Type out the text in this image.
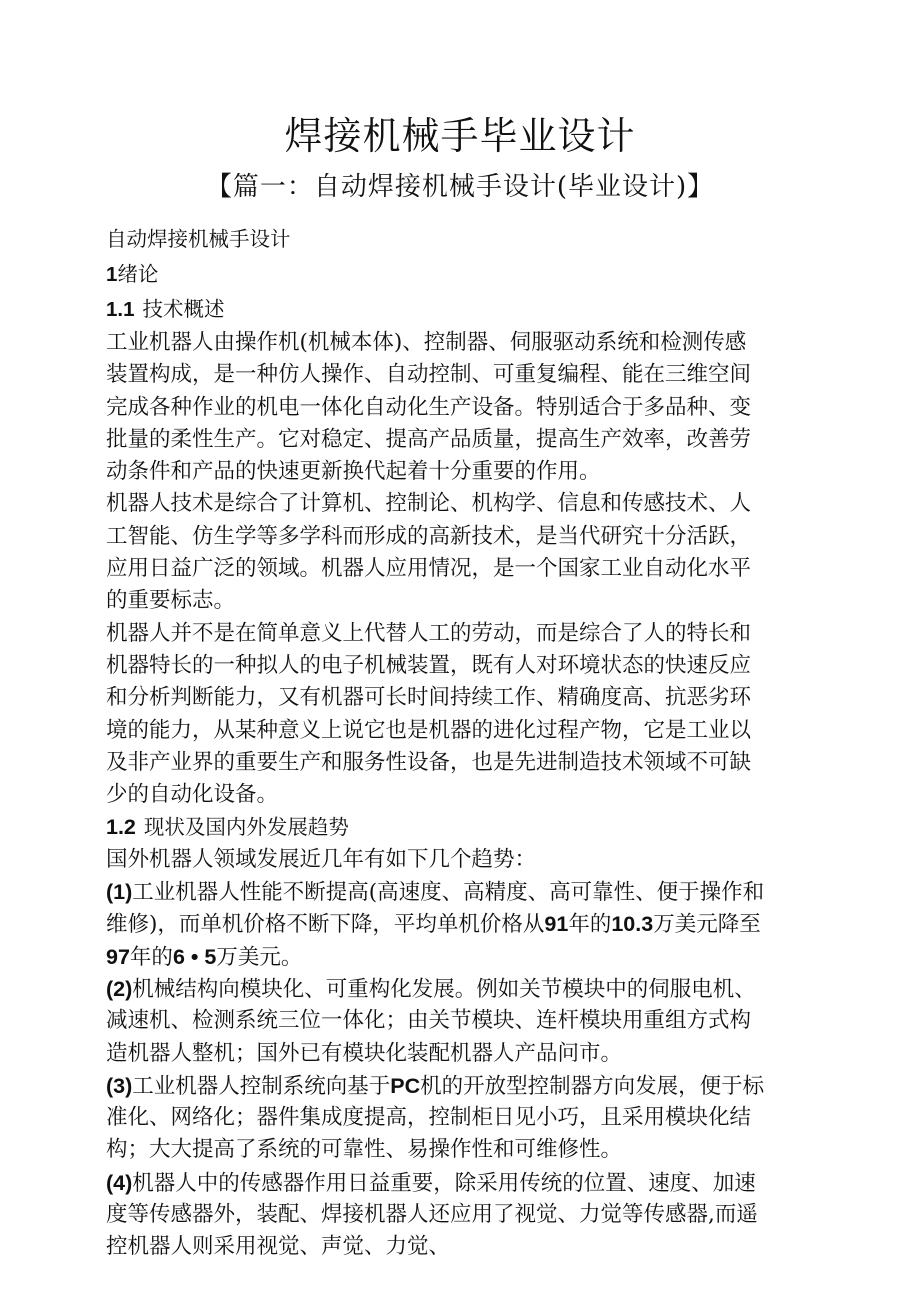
焊接机械手毕业设计
【篇一：自动焊接机械手设计(毕业设计)】
自动焊接机械手设计
1绪论
1.1 技术概述
工业机器人由操作机(机械本体)、控制器、伺服驱动系统和检测传感
装置构成，是一种仿人操作、自动控制、可重复编程、能在三维空间
完成各种作业的机电一体化自动化生产设备。特别适合于多品种、变
批量的柔性生产。它对稳定、提高产品质量，提高生产效率，改善劳
动条件和产品的快速更新换代起着十分重要的作用。
机器人技术是综合了计算机、控制论、机构学、信息和传感技术、人
工智能、仿生学等多学科而形成的高新技术，是当代研究十分活跃，
应用日益广泛的领域。机器人应用情况，是一个国家工业自动化水平
的重要标志。
机器人并不是在简单意义上代替人工的劳动，而是综合了人的特长和
机器特长的一种拟人的电子机械装置，既有人对环境状态的快速反应
和分析判断能力，又有机器可长时间持续工作、精确度高、抗恶劣环
境的能力，从某种意义上说它也是机器的进化过程产物，它是工业以
及非产业界的重要生产和服务性设备，也是先进制造技术领域不可缺
少的自动化设备。
1.2 现状及国内外发展趋势
国外机器人领域发展近几年有如下几个趋势：
(1)工业机器人性能不断提高(高速度、高精度、高可靠性、便于操作和
维修)，而单机价格不断下降，平均单机价格从91年的10.3万美元降至
97年的6 • 5万美元。
(2)机械结构向模块化、可重构化发展。例如关节模块中的伺服电机、
减速机、检测系统三位一体化；由关节模块、连杆模块用重组方式构
造机器人整机；国外已有模块化装配机器人产品问市。
(3)工业机器人控制系统向基于PC机的开放型控制器方向发展，便于标
准化、网络化；器件集成度提高，控制柜日见小巧，且采用模块化结
构；大大提高了系统的可靠性、易操作性和可维修性。
(4)机器人中的传感器作用日益重要，除采用传统的位置、速度、加速
度等传感器外，装配、焊接机器人还应用了视觉、力觉等传感器,而遥
控机器人则采用视觉、声觉、力觉、
